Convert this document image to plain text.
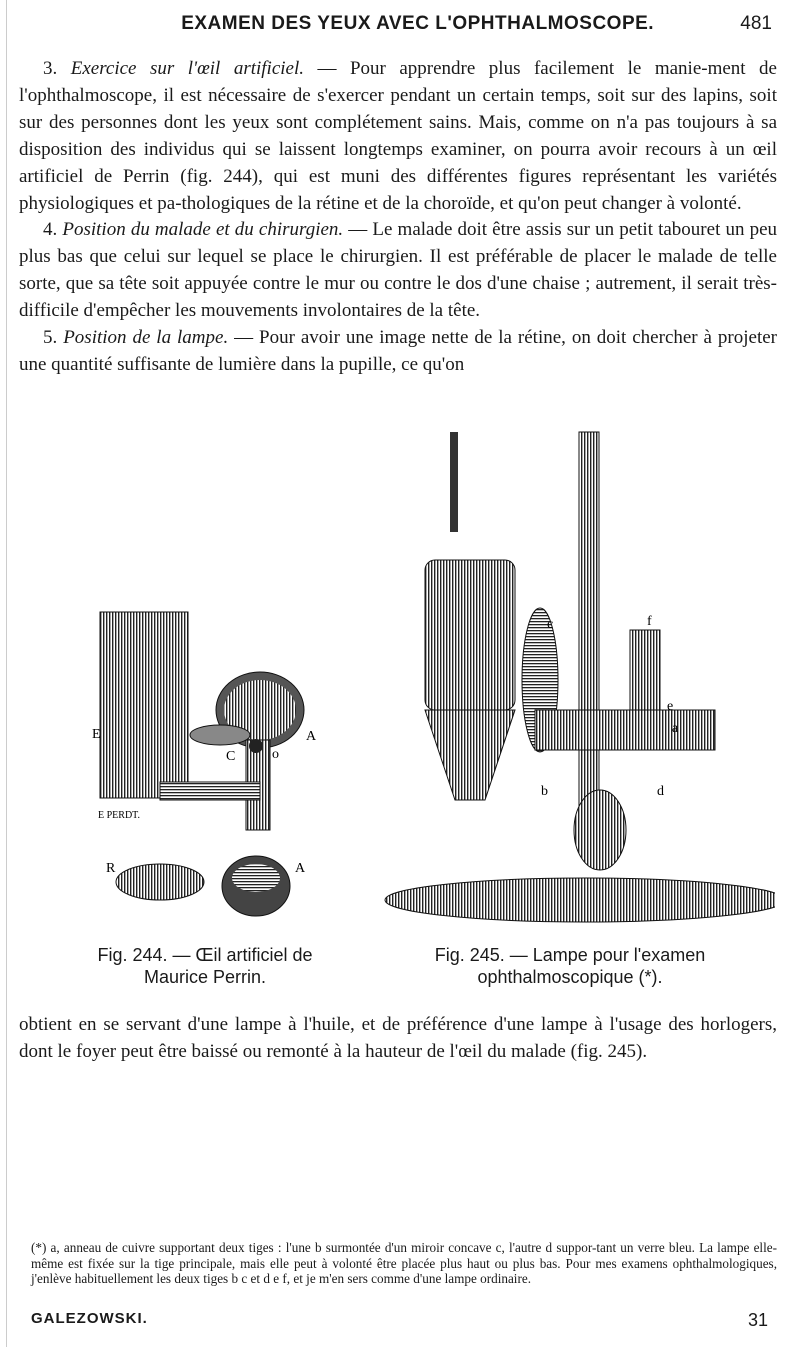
EXAMEN DES YEUX AVEC L'OPHTHALMOSCOPE.	481

3. Exercice sur l'œil artificiel. — Pour apprendre plus facilement le manie-ment de l'ophthalmoscope, il est nécessaire de s'exercer pendant un certain temps, soit sur des lapins, soit sur des personnes dont les yeux sont complétement sains. Mais, comme on n'a pas toujours à sa disposition des individus qui se laissent longtemps examiner, on pourra avoir recours à un œil artificiel de Perrin (fig. 244), qui est muni des différentes figures représentant les variétés physiologiques et pa-thologiques de la rétine et de la choroïde, et qu'on peut changer à volonté.

4. Position du malade et du chirurgien. — Le malade doit être assis sur un petit tabouret un peu plus bas que celui sur lequel se place le chirurgien. Il est préférable de placer le malade de telle sorte, que sa tête soit appuyée contre le mur ou contre le dos d'une chaise ; autrement, il serait très-difficile d'empêcher les mouvements involontaires de la tête.

5. Position de la lampe. — Pour avoir une image nette de la rétine, on doit chercher à projeter une quantité suffisante de lumière dans la pupille, ce qu'on

E
C	o
A
E PERDT.
R	A
c	f
e
a
b	d
Fig. 244. — Œil artificiel de
Maurice Perrin.
Fig. 245. — Lampe pour l'examen
ophthalmoscopique (*).

obtient en se servant d'une lampe à l'huile, et de préférence d'une lampe à l'usage des horlogers, dont le foyer peut être baissé ou remonté à la hauteur de l'œil du malade (fig. 245).

(*) a, anneau de cuivre supportant deux tiges : l'une b surmontée d'un miroir concave c, l'autre d suppor-tant un verre bleu. La lampe elle-même est fixée sur la tige principale, mais elle peut à volonté être placée plus haut ou plus bas. Pour mes examens ophthalmologiques, j'enlève habituellement les deux tiges b c et d e f, et je m'en sers comme d'une lampe ordinaire.
GALEZOWSKI.	31
